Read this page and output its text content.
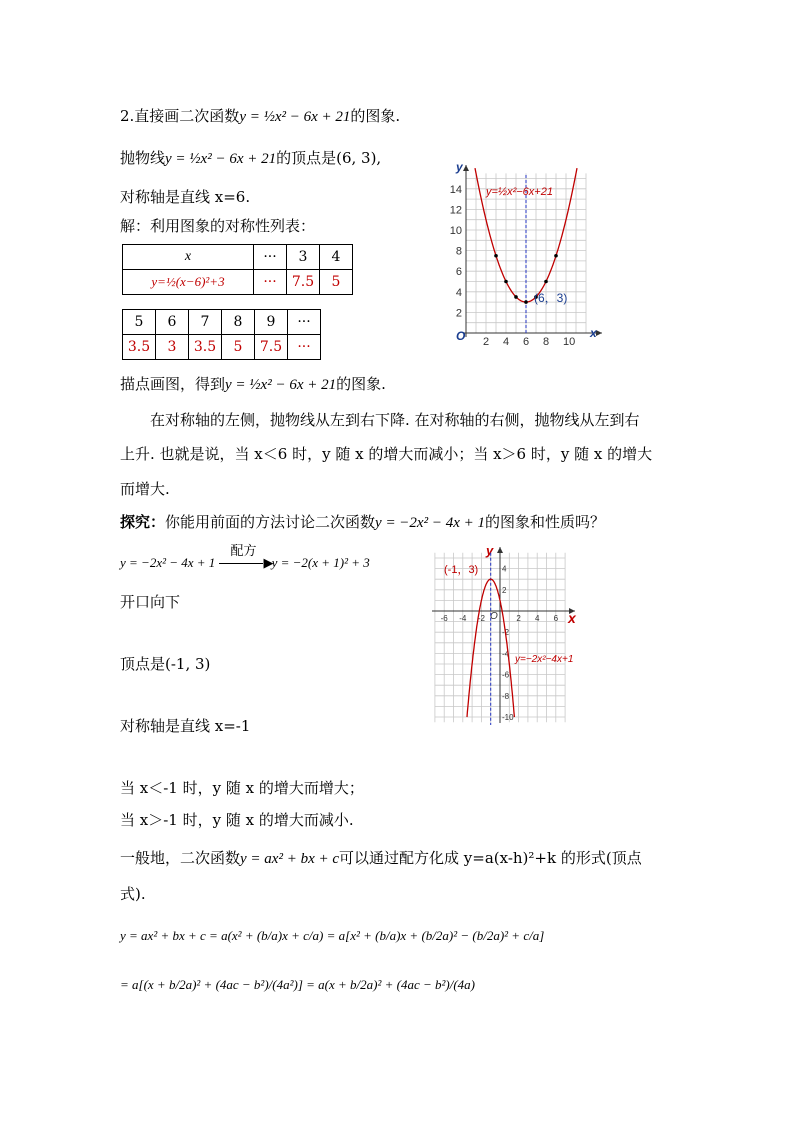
2.直接画二次函数y = ½x² − 6x + 21的图象.
抛物线y = ½x² − 6x + 21的顶点是(6, 3),
对称轴是直线 x=6.
解：利用图象的对称性列表：
x	···	3	4
y=½(x−6)²+3	···	7.5	5
5	6	7	8	9	···
3.5	3	3.5	5	7.5	···
y
x
O 2 4 6 8 10
2
4
6
8
10
12
14
(6，3)
y=½x²−6x+21
描点画图，得到y = ½x² − 6x + 21的图象.
在对称轴的左侧，抛物线从左到右下降. 在对称轴的右侧，抛物线从左到右
上升. 也就是说，当 x＜6 时，y 随 x 的增大而减小；当 x＞6 时，y 随 x 的增大
而增大.
探究：你能用前面的方法讨论二次函数y = −2x² − 4x + 1的图象和性质吗？
y = −2x² − 4x + 1
配方
▶ y = −2(x + 1)² + 3
开口向下
顶点是(-1, 3)
对称轴是直线 x=-1
当 x＜-1 时，y 随 x 的增大而增大；
当 x＞-1 时，y 随 x 的增大而减小.
y
x
O
-6 -4 -2	2 4 6
4
2
-2
-4
-6
-8
-10
(-1，3)
y=−2x²−4x+1
一般地，二次函数y = ax² + bx + c可以通过配方化成 y=a(x-h)²+k 的形式(顶点
式).
y = ax² + bx + c = a(x² + (b/a)x + c/a) = a[x² + (b/a)x + (b/2a)² − (b/2a)² + c/a]
= a[(x + b/2a)² + (4ac − b²)/(4a²)] = a(x + b/2a)² + (4ac − b²)/(4a)
